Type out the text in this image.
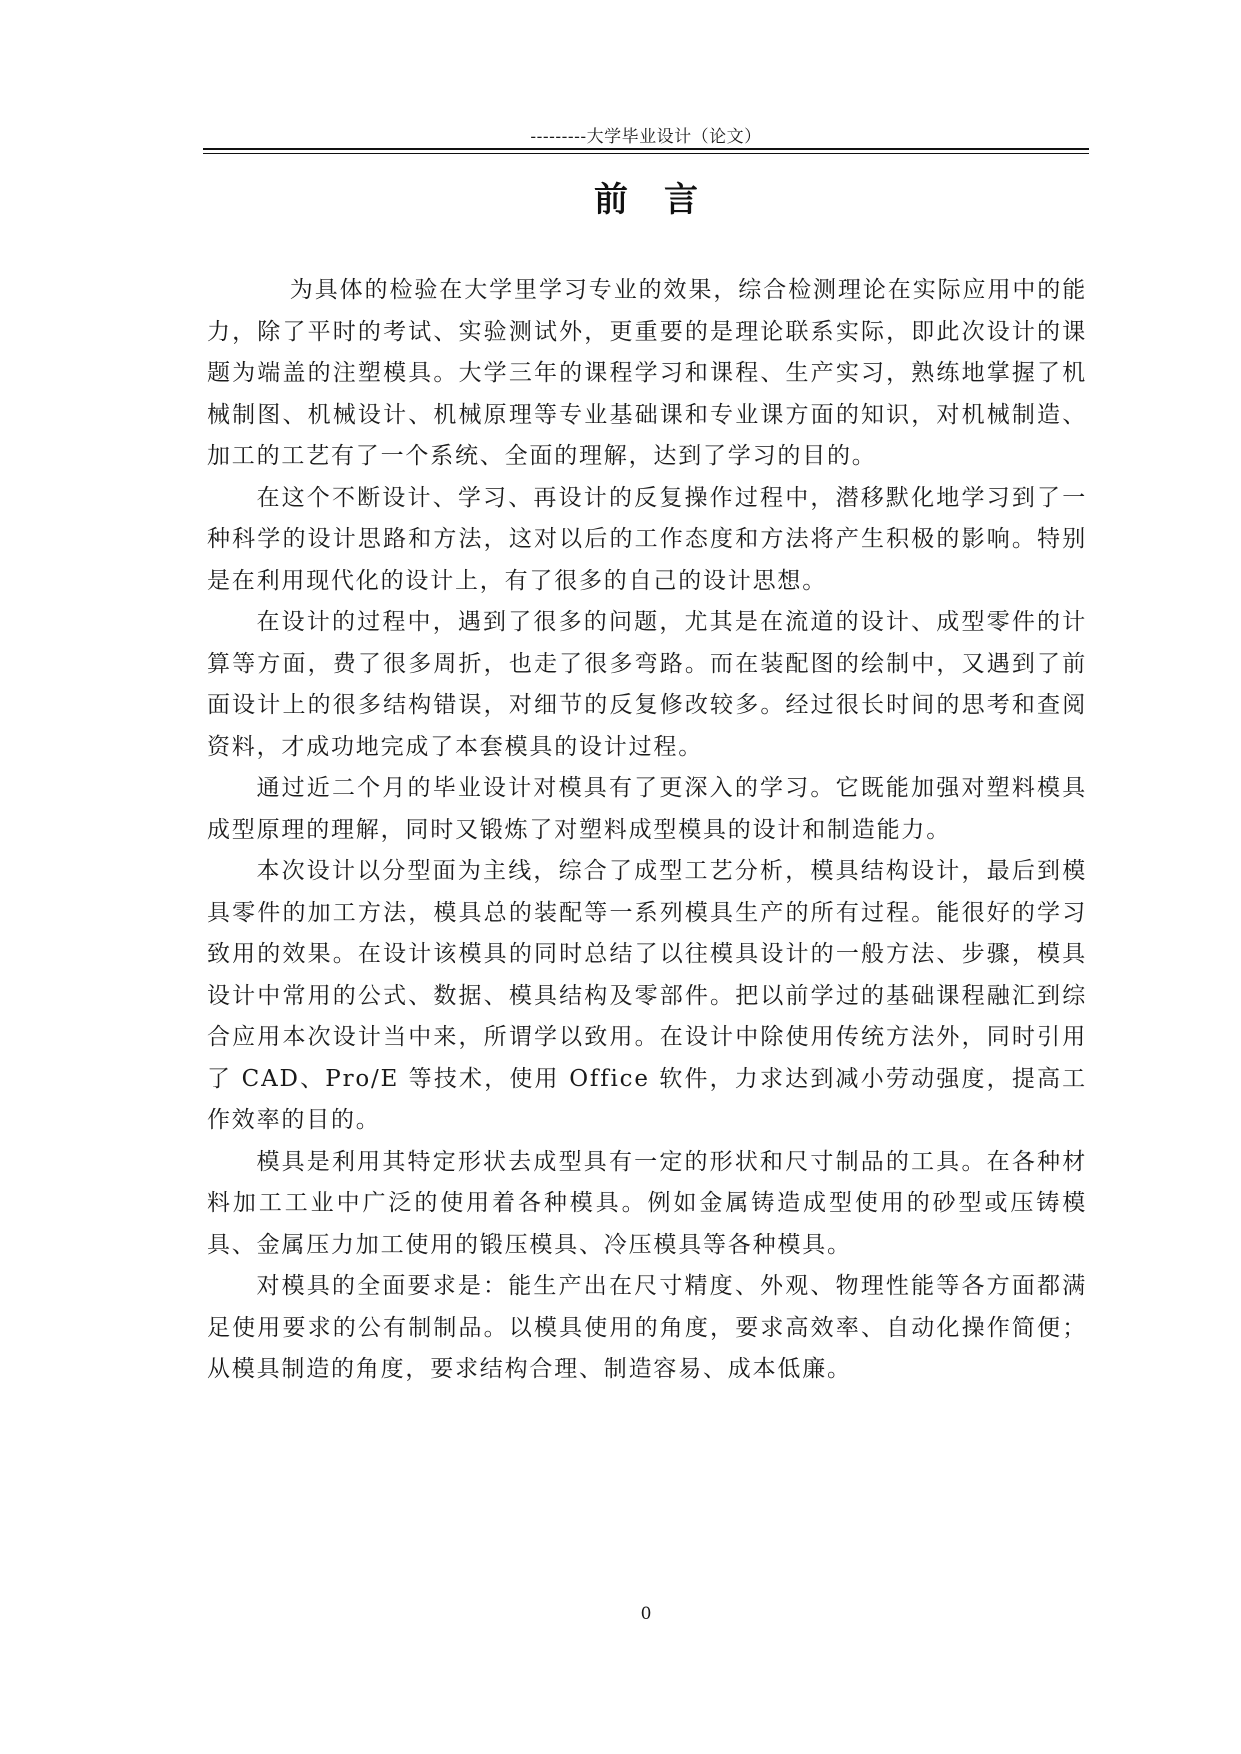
---------大学毕业设计（论文）
前言

为具体的检验在大学里学习专业的效果，综合检测理论在实际应用中的能力，除了平时的考试、实验测试外，更重要的是理论联系实际，即此次设计的课题为端盖的注塑模具。大学三年的课程学习和课程、生产实习，熟练地掌握了机械制图、机械设计、机械原理等专业基础课和专业课方面的知识，对机械制造、加工的工艺有了一个系统、全面的理解，达到了学习的目的。

在这个不断设计、学习、再设计的反复操作过程中，潜移默化地学习到了一种科学的设计思路和方法，这对以后的工作态度和方法将产生积极的影响。特别是在利用现代化的设计上，有了很多的自己的设计思想。

在设计的过程中，遇到了很多的问题，尤其是在流道的设计、成型零件的计算等方面，费了很多周折，也走了很多弯路。而在装配图的绘制中，又遇到了前面设计上的很多结构错误，对细节的反复修改较多。经过很长时间的思考和查阅资料，才成功地完成了本套模具的设计过程。

通过近二个月的毕业设计对模具有了更深入的学习。它既能加强对塑料模具成型原理的理解，同时又锻炼了对塑料成型模具的设计和制造能力。

本次设计以分型面为主线，综合了成型工艺分析，模具结构设计，最后到模具零件的加工方法，模具总的装配等一系列模具生产的所有过程。能很好的学习致用的效果。在设计该模具的同时总结了以往模具设计的一般方法、步骤，模具设计中常用的公式、数据、模具结构及零部件。把以前学过的基础课程融汇到综合应用本次设计当中来，所谓学以致用。在设计中除使用传统方法外，同时引用了 CAD、Pro/E 等技术，使用 Office 软件，力求达到减小劳动强度，提高工作效率的目的。

模具是利用其特定形状去成型具有一定的形状和尺寸制品的工具。在各种材料加工工业中广泛的使用着各种模具。例如金属铸造成型使用的砂型或压铸模具、金属压力加工使用的锻压模具、冷压模具等各种模具。

对模具的全面要求是：能生产出在尺寸精度、外观、物理性能等各方面都满足使用要求的公有制制品。以模具使用的角度，要求高效率、自动化操作简便；从模具制造的角度，要求结构合理、制造容易、成本低廉。

0
